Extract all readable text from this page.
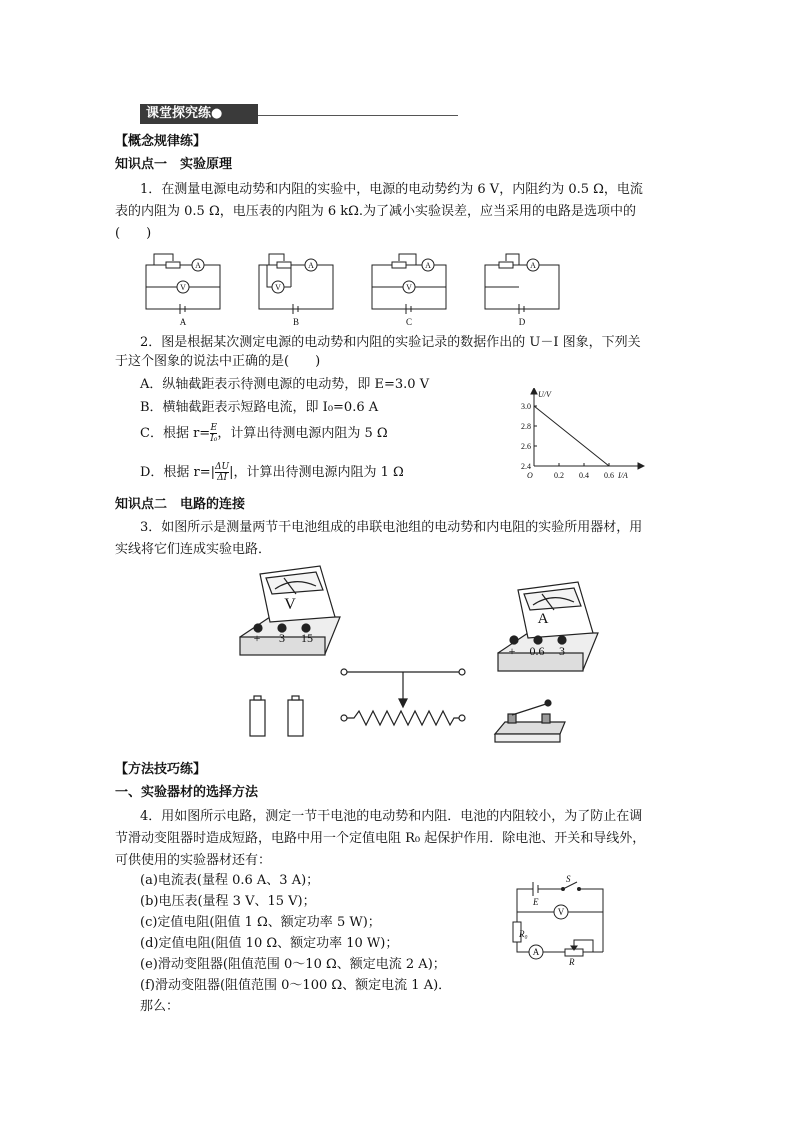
课堂探究练●
【概念规律练】
知识点一　实验原理
1．在测量电源电动势和内阻的实验中，电源的电动势约为 6 V，内阻约为 0.5 Ω，电流
表的内阻为 0.5 Ω，电压表的内阻为 6 kΩ.为了减小实验误差，应当采用的电路是选项中的
(　　)
A
V
A
V
A
V
A
A	B	C	D
2．图是根据某次测定电源的电动势和内阻的实验记录的数据作出的 U－I 图象，下列关
于这个图象的说法中正确的是(　　)
A．纵轴截距表示待测电源的电动势，即 E=3.0 V
B．横轴截距表示短路电流，即 I₀=0.6 A
C．根据 $r= \frac{E}{\text{I₀}}$ ，计算出待测电源内阻为 5 Ω
D．根据 $r=| \frac{\Delta U}{\Delta I}$ |，计算出待测电源内阻为 1 Ω	0.2 0.4 0.6
2.4
2.6
2.8
3.0
U/V
I/A
O
知识点二　电路的连接
3．如图所示是测量两节干电池组成的串联电池组的电动势和内电阻的实验所用器材，用
实线将它们连成实验电路．
V
+ 3 15
A
+ 0.6 3
【方法技巧练】
一、实验器材的选择方法
4．用如图所示电路，测定一节干电池的电动势和内阻．电池的内阻较小，为了防止在调
节滑动变阻器时造成短路，电路中用一个定值电阻 R₀ 起保护作用．除电池、开关和导线外，
可供使用的实验器材还有：
(a)电流表(量程 0.6 A、3 A)；
(b)电压表(量程 3 V、15 V)；
(c)定值电阻(阻值 1 Ω、额定功率 5 W)；
(d)定值电阻(阻值 10 Ω、额定功率 10 W)；
(e)滑动变阻器(阻值范围 0～10 Ω、额定电流 2 A)；
(f)滑动变阻器(阻值范围 0～100 Ω、额定电流 1 A)．
那么：
S
E
R₀
R
V
A
